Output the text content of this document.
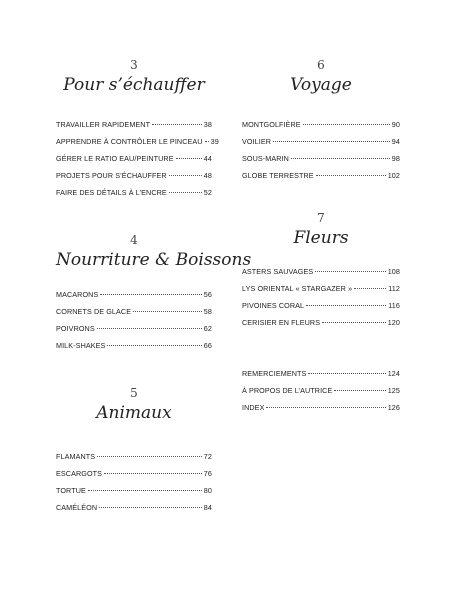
3
Pour s’échauffer
TRAVAILLER RAPIDEMENT	38
APPRENDRE À CONTRÔLER LE PINCEAU 39
GÉRER LE RATIO EAU/PEINTURE	44
PROJETS POUR S’ÉCHAUFFER	48
FAIRE DES DÉTAILS À L’ENCRE	52
4
Nourriture & Boissons
MACARONS	56
CORNETS DE GLACE	58
POIVRONS	62
MILK-SHAKES	66
5
Animaux
FLAMANTS	72
ESCARGOTS	76
TORTUE	80
CAMÉLÉON	84
6
Voyage
MONTGOLFIÈRE	90
VOILIER	94
SOUS-MARIN	98
GLOBE TERRESTRE	102
7
Fleurs
ASTERS SAUVAGES	108
LYS ORIENTAL « STARGAZER »	112
PIVOINES CORAL	116
CERISIER EN FLEURS	120
REMERCIEMENTS	124
À PROPOS DE L’AUTRICE	125
INDEX	126
